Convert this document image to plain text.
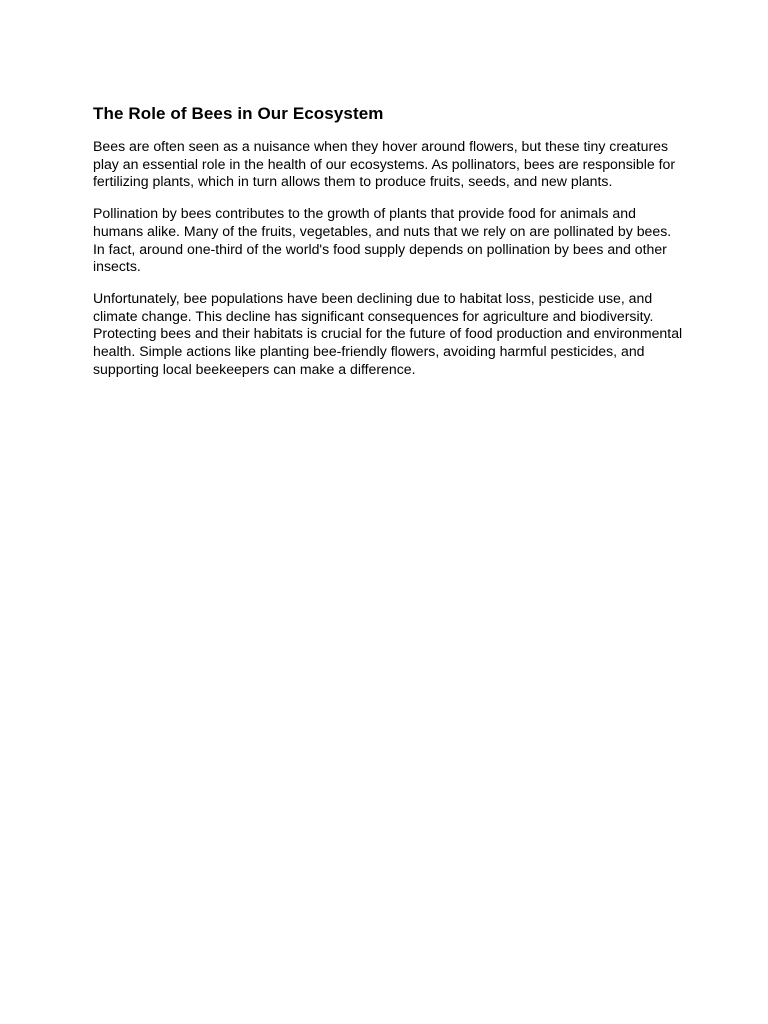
The Role of Bees in Our Ecosystem

Bees are often seen as a nuisance when they hover around flowers, but these tiny creatures play an essential role in the health of our ecosystems. As pollinators, bees are responsible for fertilizing plants, which in turn allows them to produce fruits, seeds, and new plants.

Pollination by bees contributes to the growth of plants that provide food for animals and humans alike. Many of the fruits, vegetables, and nuts that we rely on are pollinated by bees. In fact, around one-third of the world's food supply depends on pollination by bees and other insects.

Unfortunately, bee populations have been declining due to habitat loss, pesticide use, and climate change. This decline has significant consequences for agriculture and biodiversity. Protecting bees and their habitats is crucial for the future of food production and environmental health. Simple actions like planting bee-friendly flowers, avoiding harmful pesticides, and supporting local beekeepers can make a difference.
